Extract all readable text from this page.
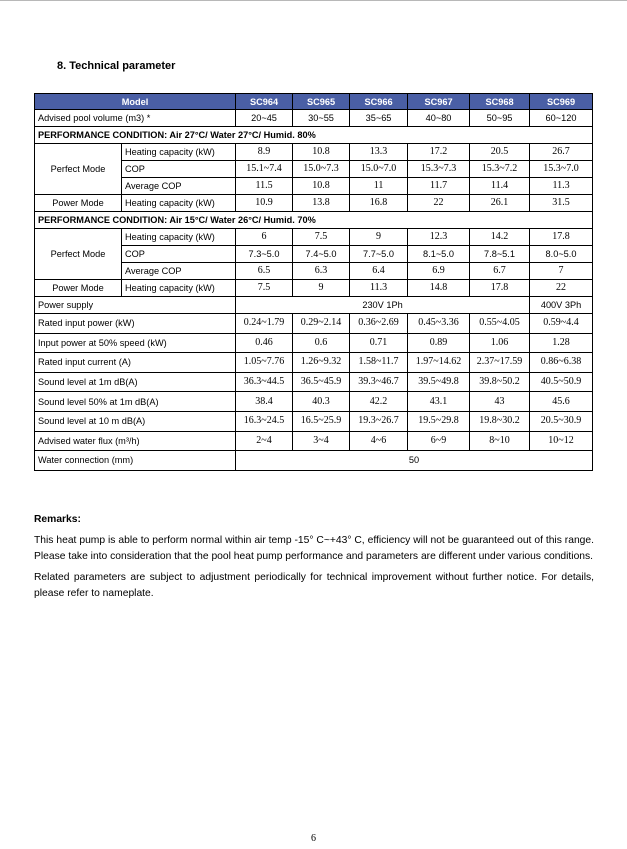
8. Technical parameter
Model		SC964	SC965	SC966	SC967	SC968	SC969
Advised pool volume (m3) *		20~45	30~55	35~65	40~80	50~95	60~120
PERFORMANCE CONDITION: Air 27°C/ Water 27°C/ Humid. 80%							
Perfect Mode	Heating capacity (kW)	8.9	10.8	13.3	17.2	20.5	26.7
	COP	15.1~7.4	15.0~7.3	15.0~7.0	15.3~7.3	15.3~7.2	15.3~7.0
	Average COP	11.5	10.8	11	11.7	11.4	11.3
Power Mode	Heating capacity (kW)	10.9	13.8	16.8	22	26.1	31.5
PERFORMANCE CONDITION: Air 15°C/ Water 26°C/ Humid. 70%							
Perfect Mode	Heating capacity (kW)	6	7.5	9	12.3	14.2	17.8
	COP	7.3~5.0	7.4~5.0	7.7~5.0	8.1~5.0	7.8~5.1	8.0~5.0
	Average COP	6.5	6.3	6.4	6.9	6.7	7
Power Mode	Heating capacity (kW)	7.5	9	11.3	14.8	17.8	22
Power supply		230V 1Ph					400V 3Ph
Rated input power (kW)		0.24~1.79	0.29~2.14	0.36~2.69	0.45~3.36	0.55~4.05	0.59~4.4
Input power at 50% speed (kW)		0.46	0.6	0.71	0.89	1.06	1.28
Rated input current (A)		1.05~7.76	1.26~9.32	1.58~11.7	1.97~14.62	2.37~17.59	0.86~6.38
Sound level at 1m dB(A)		36.3~44.5	36.5~45.9	39.3~46.7	39.5~49.8	39.8~50.2	40.5~50.9
Sound level 50% at 1m dB(A)		38.4	40.3	42.2	43.1	43	45.6
Sound level at 10 m dB(A)		16.3~24.5	16.5~25.9	19.3~26.7	19.5~29.8	19.8~30.2	20.5~30.9
Advised water flux (m³/h)		2~4	3~4	4~6	6~9	8~10	10~12
Water connection (mm)		50					
Remarks:

This heat pump is able to perform normal within air temp -15° C~+43° C, efficiency will not be guaranteed out of this range. Please take into consideration that the pool heat pump performance and parameters are different under various conditions.

Related parameters are subject to adjustment periodically for technical improvement without further notice. For details, please refer to nameplate.

6
